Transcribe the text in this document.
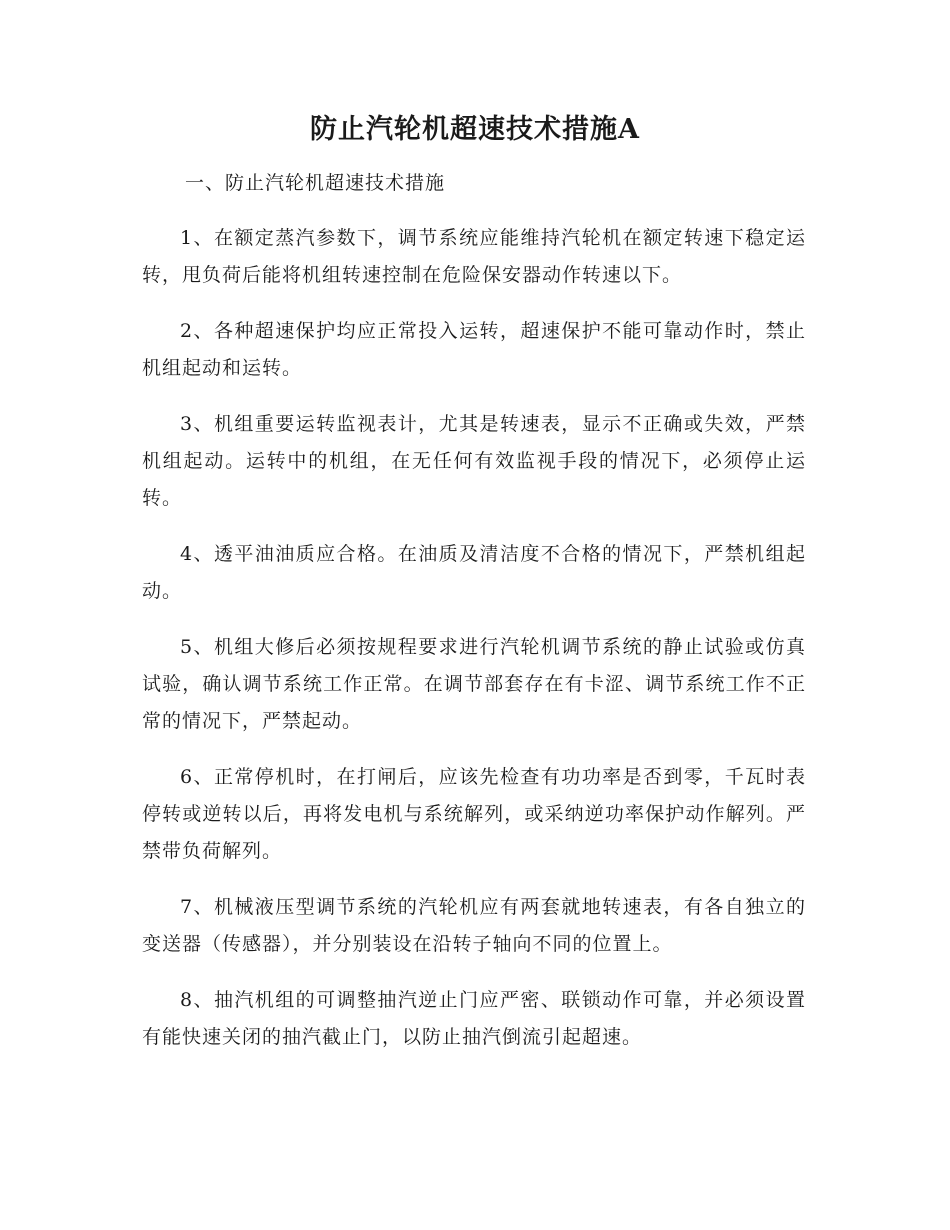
防止汽轮机超速技术措施A

一、防止汽轮机超速技术措施

1、在额定蒸汽参数下，调节系统应能维持汽轮机在额定转速下稳定运转，甩负荷后能将机组转速控制在危险保安器动作转速以下。

2、各种超速保护均应正常投入运转，超速保护不能可靠动作时，禁止机组起动和运转。

3、机组重要运转监视表计，尤其是转速表，显示不正确或失效，严禁机组起动。运转中的机组，在无任何有效监视手段的情况下，必须停止运转。

4、透平油油质应合格。在油质及清洁度不合格的情况下，严禁机组起动。

5、机组大修后必须按规程要求进行汽轮机调节系统的静止试验或仿真试验，确认调节系统工作正常。在调节部套存在有卡涩、调节系统工作不正常的情况下，严禁起动。

6、正常停机时，在打闸后，应该先检查有功功率是否到零，千瓦时表停转或逆转以后，再将发电机与系统解列，或采纳逆功率保护动作解列。严禁带负荷解列。

7、机械液压型调节系统的汽轮机应有两套就地转速表，有各自独立的变送器（传感器），并分别装设在沿转子轴向不同的位置上。

8、抽汽机组的可调整抽汽逆止门应严密、联锁动作可靠，并必须设置有能快速关闭的抽汽截止门，以防止抽汽倒流引起超速。
